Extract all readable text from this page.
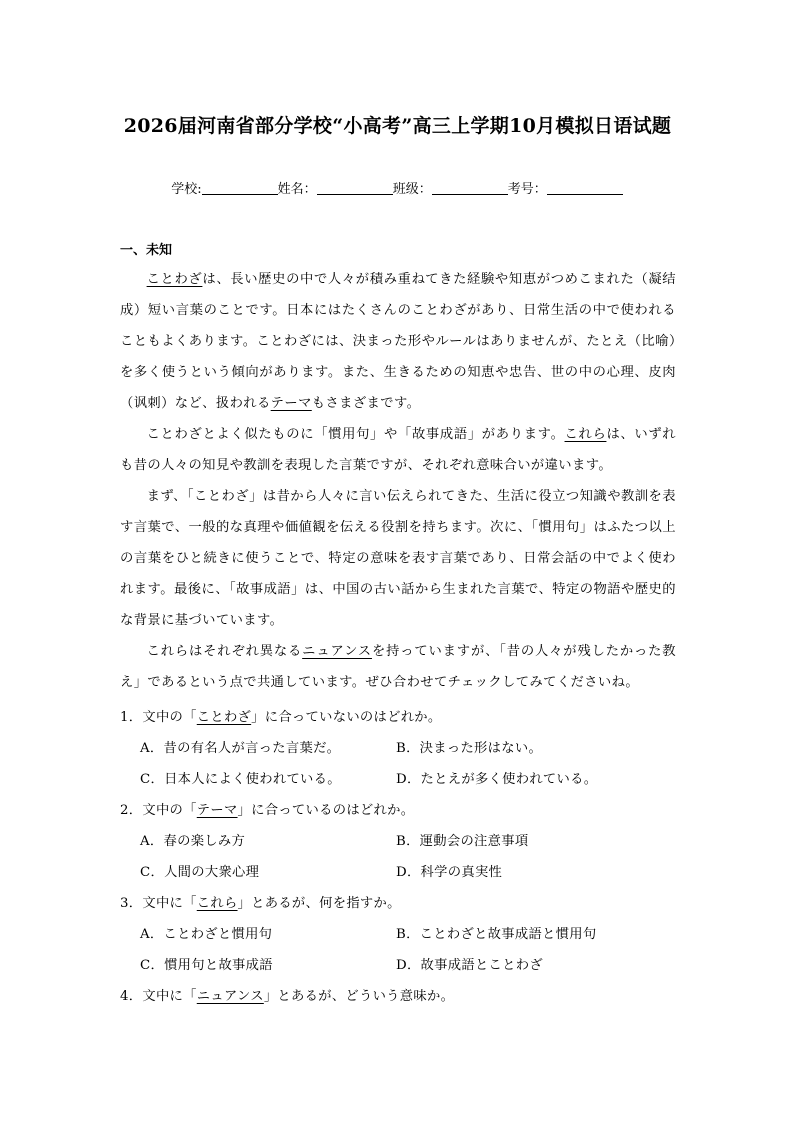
2026届河南省部分学校“小高考”高三上学期10月模拟日语试题
学校:	姓名：	班级：	考号：
一、未知

ことわざは、長い歴史の中で人々が積み重ねてきた経験や知恵がつめこまれた（凝结成）短い言葉のことです。日本にはたくさんのことわざがあり、日常生活の中で使われることもよくあります。ことわざには、決まった形やルールはありませんが、たとえ（比喻）を多く使うという傾向があります。また、生きるための知恵や忠告、世の中の心理、皮肉（讽刺）など、扱われるテーマもさまざまです。

ことわざとよく似たものに「慣用句」や「故事成語」があります。これらは、いずれも昔の人々の知見や教訓を表現した言葉ですが、それぞれ意味合いが違います。

まず、「ことわざ」は昔から人々に言い伝えられてきた、生活に役立つ知識や教訓を表す言葉で、一般的な真理や価値観を伝える役割を持ちます。次に、「慣用句」はふたつ以上の言葉をひと続きに使うことで、特定の意味を表す言葉であり、日常会話の中でよく使われます。最後に、「故事成語」は、中国の古い話から生まれた言葉で、特定の物語や歴史的な背景に基づいています。

これらはそれぞれ異なるニュアンスを持っていますが、「昔の人々が残したかった教え」であるという点で共通しています。ぜひ合わせてチェックしてみてくださいね。

1．文中の「ことわざ」に合っていないのはどれか。

A．昔の有名人が言った言葉だ。	B．決まった形はない。
C．日本人によく使われている。	D．たとえが多く使われている。

2．文中の「テーマ」に合っているのはどれか。

A．春の楽しみ方	B．運動会の注意事項
C．人間の大衆心理	D．科学の真実性

3．文中に「これら」とあるが、何を指すか。

A．ことわざと慣用句	B．ことわざと故事成語と慣用句
C．慣用句と故事成語	D．故事成語とことわざ

4．文中に「ニュアンス」とあるが、どういう意味か。
